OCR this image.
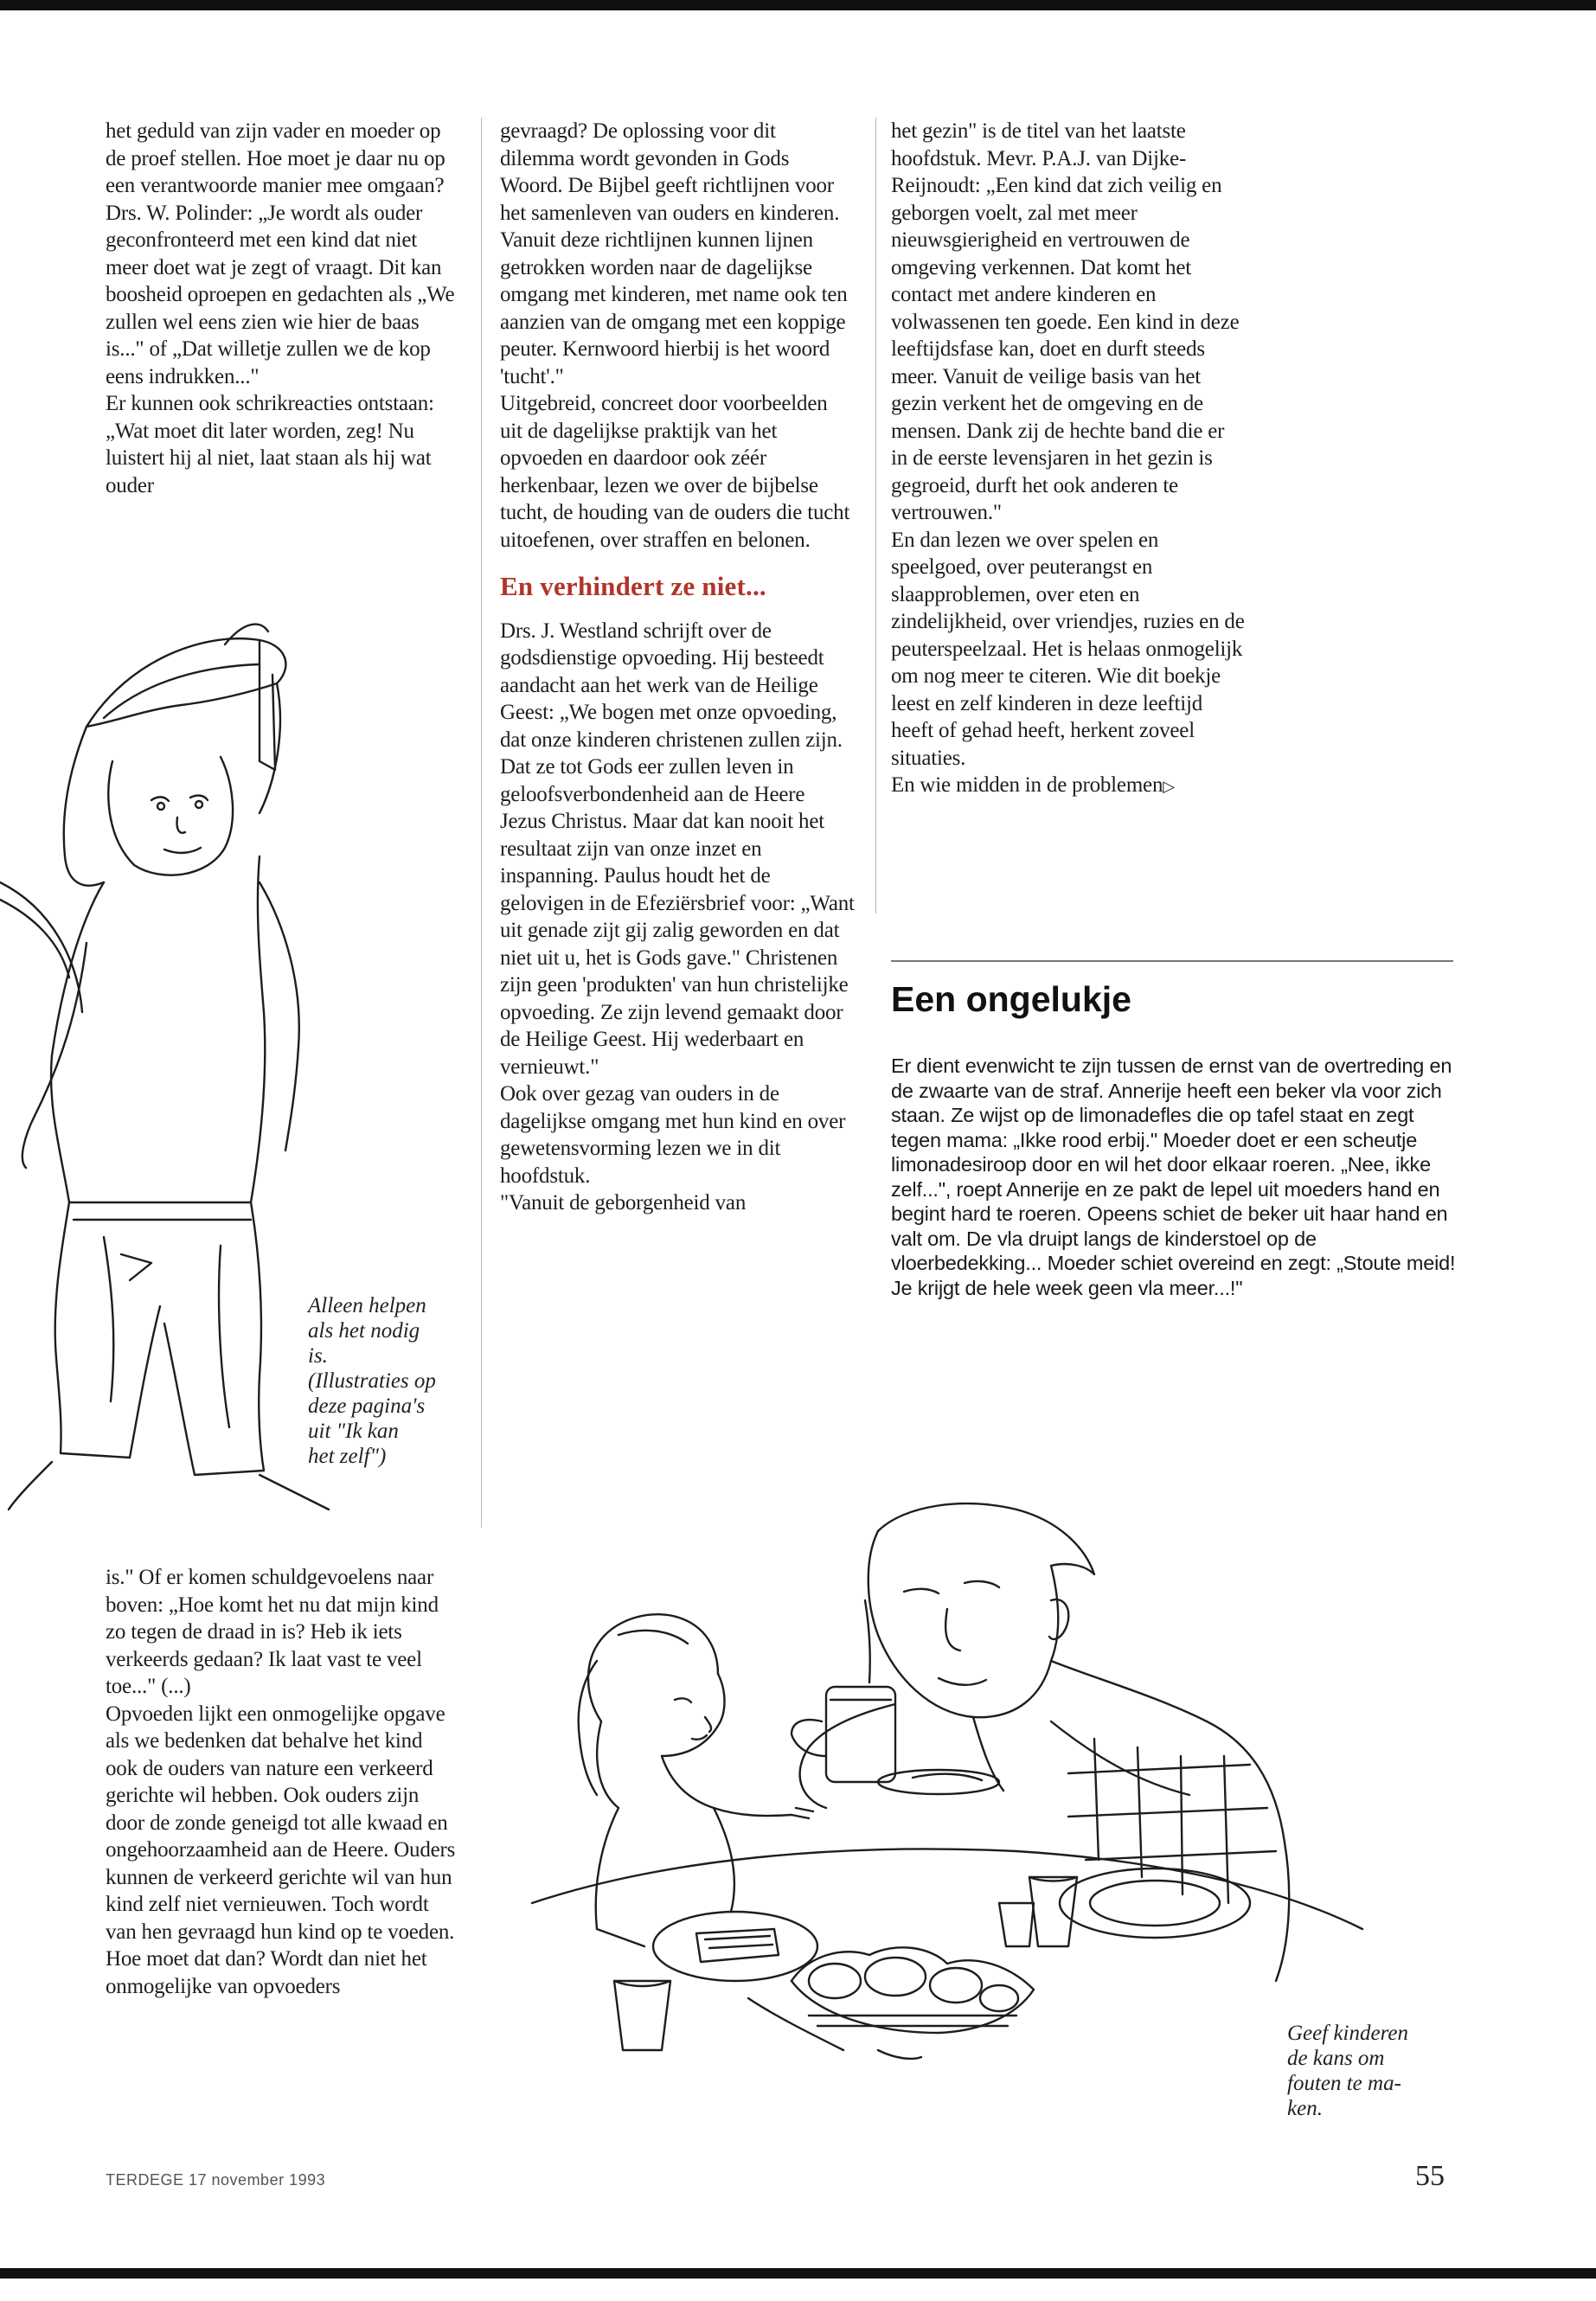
het geduld van zijn vader en moeder op de proef stellen. Hoe moet je daar nu op een verantwoorde manier mee omgaan? Drs. W. Polinder: „Je wordt als ouder geconfronteerd met een kind dat niet meer doet wat je zegt of vraagt. Dit kan boosheid oproepen en gedachten als „We zullen wel eens zien wie hier de baas is..." of „Dat willetje zullen we de kop eens indrukken..."

Er kunnen ook schrikreacties ontstaan: „Wat moet dit later worden, zeg! Nu luistert hij al niet, laat staan als hij wat ouder

Alleen helpen
als het nodig
is.
(Illustraties op
deze pagina's
uit "Ik kan
het zelf")

is." Of er komen schuldgevoelens naar boven: „Hoe komt het nu dat mijn kind zo tegen de draad in is? Heb ik iets verkeerds gedaan? Ik laat vast te veel toe..." (...)

Opvoeden lijkt een onmogelijke opgave als we bedenken dat behalve het kind ook de ouders van nature een verkeerd gerichte wil hebben. Ook ouders zijn door de zonde geneigd tot alle kwaad en ongehoorzaamheid aan de Heere. Ouders kunnen de verkeerd gerichte wil van hun kind zelf niet vernieuwen. Toch wordt van hen gevraagd hun kind op te voeden. Hoe moet dat dan? Wordt dan niet het onmogelijke van opvoeders

gevraagd? De oplossing voor dit dilemma wordt gevonden in Gods Woord. De Bijbel geeft richtlijnen voor het samenleven van ouders en kinderen. Vanuit deze richtlijnen kunnen lijnen getrokken worden naar de dagelijkse omgang met kinderen, met name ook ten aanzien van de omgang met een koppige peuter. Kernwoord hierbij is het woord 'tucht'."

Uitgebreid, concreet door voorbeelden uit de dagelijkse praktijk van het opvoeden en daardoor ook zéér herkenbaar, lezen we over de bijbelse tucht, de houding van de ouders die tucht uitoefenen, over straffen en belonen.

En verhindert ze niet...

Drs. J. Westland schrijft over de godsdienstige opvoeding. Hij besteedt aandacht aan het werk van de Heilige Geest: „We bogen met onze opvoeding, dat onze kinderen christenen zullen zijn. Dat ze tot Gods eer zullen leven in geloofsverbondenheid aan de Heere Jezus Christus. Maar dat kan nooit het resultaat zijn van onze inzet en inspanning. Paulus houdt het de gelovigen in de Efeziërsbrief voor: „Want uit genade zijt gij zalig geworden en dat niet uit u, het is Gods gave." Christenen zijn geen 'produkten' van hun christelijke opvoeding. Ze zijn levend gemaakt door de Heilige Geest. Hij wederbaart en vernieuwt."

Ook over gezag van ouders in de dagelijkse omgang met hun kind en over gewetensvorming lezen we in dit hoofdstuk.

"Vanuit de geborgenheid van

het gezin" is de titel van het laatste hoofdstuk. Mevr. P.A.J. van Dijke-Reijnoudt: „Een kind dat zich veilig en geborgen voelt, zal met meer nieuwsgierigheid en vertrouwen de omgeving verkennen. Dat komt het contact met andere kinderen en volwassenen ten goede. Een kind in deze leeftijdsfase kan, doet en durft steeds meer. Vanuit de veilige basis van het gezin verkent het de omgeving en de mensen. Dank zij de hechte band die er in de eerste levensjaren in het gezin is gegroeid, durft het ook anderen te vertrouwen."

En dan lezen we over spelen en speelgoed, over peuterangst en slaapproblemen, over eten en zindelijkheid, over vriendjes, ruzies en de peuterspeelzaal. Het is helaas onmogelijk om nog meer te citeren. Wie dit boekje leest en zelf kinderen in deze leeftijd heeft of gehad heeft, herkent zoveel situaties.

En wie midden in de problemen▷

Een ongelukje
Er dient evenwicht te zijn tussen de ernst van de overtreding en de zwaarte van de straf. Annerije heeft een beker vla voor zich staan. Ze wijst op de limonadefles die op tafel staat en zegt tegen mama: „Ikke rood erbij." Moeder doet er een scheutje limonadesiroop door en wil het door elkaar roeren. „Nee, ikke zelf...", roept Annerije en ze pakt de lepel uit moeders hand en begint hard te roeren. Opeens schiet de beker uit haar hand en valt om. De vla druipt langs de kinderstoel op de vloerbedekking... Moeder schiet overeind en zegt: „Stoute meid! Je krijgt de hele week geen vla meer...!"
Geef kinderen
de kans om
fouten te ma-
ken.
TERDEGE 17 november 1993	55
